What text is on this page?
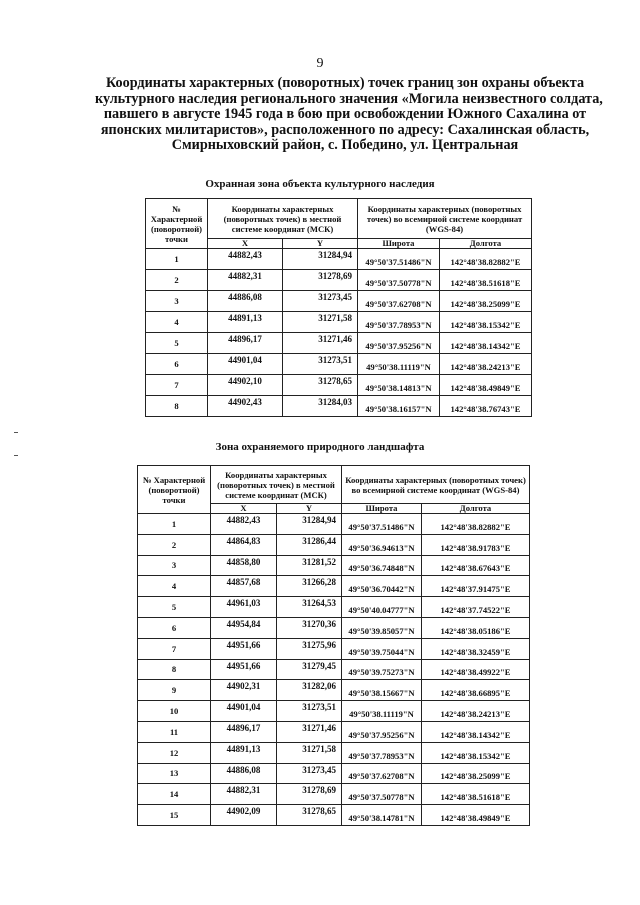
9
Координаты характерных (поворотных) точек границ зон охраны объекта
культурного наследия регионального значения «Могила неизвестного солдата,
павшего в августе 1945 года в бою при освобождении Южного Сахалина от
японских милитаристов», расположенного по адресу: Сахалинская область,
Смирныховский район, с. Победино, ул. Центральная
Охранная зона объекта культурного наследия
№ Характерной (поворотной) точки	Координаты характерных (поворотных точек) в местной системе координат (МСК)		Координаты характерных (поворотных точек) во всемирной системе координат (WGS-84)	
	X	Y	Широта	Долгота
1	44882,43	31284,94	49°50'37.51486"N	142°48'38.82882"E
2	44882,31	31278,69	49°50'37.50778"N	142°48'38.51618"E
3	44886,08	31273,45	49°50'37.62708"N	142°48'38.25099"E
4	44891,13	31271,58	49°50'37.78953"N	142°48'38.15342"E
5	44896,17	31271,46	49°50'37.95256"N	142°48'38.14342"E
6	44901,04	31273,51	49°50'38.11119"N	142°48'38.24213"E
7	44902,10	31278,65	49°50'38.14813"N	142°48'38.49849"E
8	44902,43	31284,03	49°50'38.16157"N	142°48'38.76743"E
Зона охраняемого природного ландшафта
№ Характерной (поворотной) точки	Координаты характерных (поворотных точек) в местной системе координат (МСК)		Координаты характерных (поворотных точек) во всемирной системе координат (WGS-84)	
	X	Y	Широта	Долгота
1	44882,43	31284,94	49°50'37.51486"N	142°48'38.82882"E
2	44864,83	31286,44	49°50'36.94613"N	142°48'38.91783"E
3	44858,80	31281,52	49°50'36.74848"N	142°48'38.67643"E
4	44857,68	31266,28	49°50'36.70442"N	142°48'37.91475"E
5	44961,03	31264,53	49°50'40.04777"N	142°48'37.74522"E
6	44954,84	31270,36	49°50'39.85057"N	142°48'38.05186"E
7	44951,66	31275,96	49°50'39.75044"N	142°48'38.32459"E
8	44951,66	31279,45	49°50'39.75273"N	142°48'38.49922"E
9	44902,31	31282,06	49°50'38.15667"N	142°48'38.66895"E
10	44901,04	31273,51	49°50'38.11119"N	142°48'38.24213"E
11	44896,17	31271,46	49°50'37.95256"N	142°48'38.14342"E
12	44891,13	31271,58	49°50'37.78953"N	142°48'38.15342"E
13	44886,08	31273,45	49°50'37.62708"N	142°48'38.25099"E
14	44882,31	31278,69	49°50'37.50778"N	142°48'38.51618"E
15	44902,09	31278,65	49°50'38.14781"N	142°48'38.49849"E
